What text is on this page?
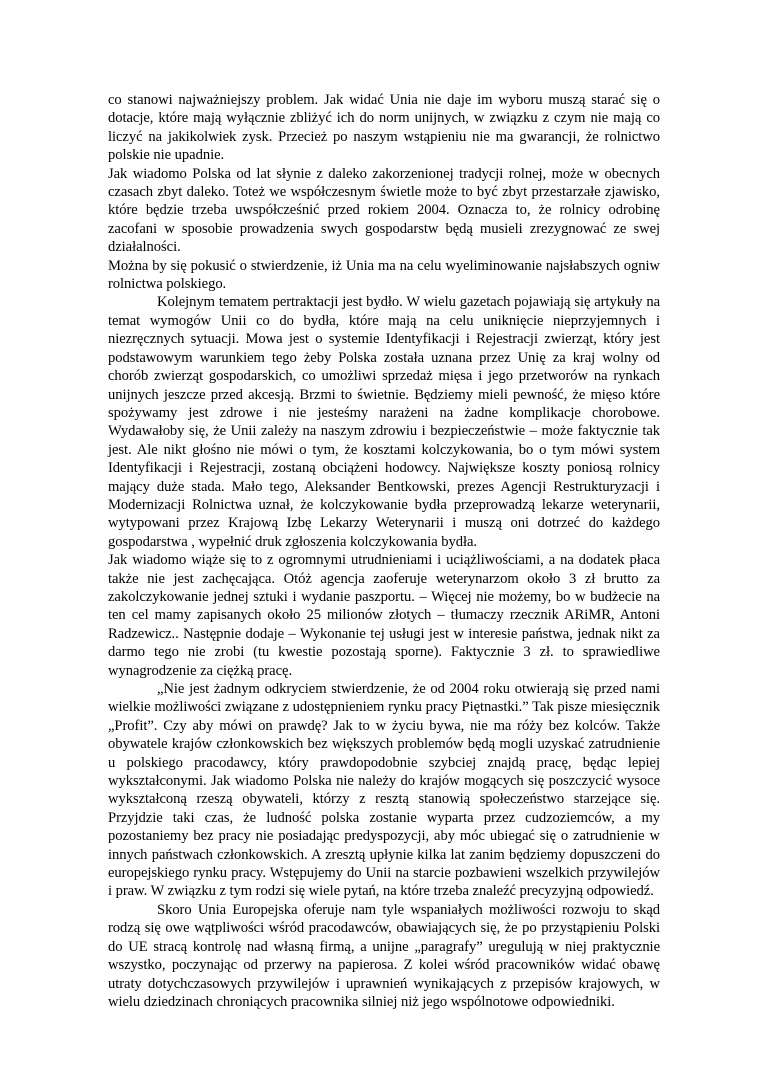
co stanowi najważniejszy problem. Jak widać Unia nie daje im wyboru muszą starać się o dotacje, które mają wyłącznie zbliżyć ich do norm unijnych, w związku z czym nie mają co liczyć na jakikolwiek zysk. Przecież po naszym wstąpieniu nie ma gwarancji, że rolnictwo polskie nie upadnie.

Jak wiadomo Polska od lat słynie z daleko zakorzenionej tradycji rolnej, może w obecnych czasach zbyt daleko. Toteż we współczesnym świetle może to być zbyt przestarzałe zjawisko, które będzie trzeba uwspółcześnić przed rokiem 2004. Oznacza to, że rolnicy odrobinę zacofani w sposobie prowadzenia swych gospodarstw będą musieli zrezygnować ze swej działalności.

Można by się pokusić o stwierdzenie, iż Unia ma na celu wyeliminowanie najsłabszych ogniw rolnictwa polskiego.

Kolejnym tematem pertraktacji jest bydło. W wielu gazetach pojawiają się artykuły na temat wymogów Unii co do bydła, które mają na celu uniknięcie nieprzyjemnych i niezręcznych sytuacji. Mowa jest o systemie Identyfikacji i Rejestracji zwierząt, który jest podstawowym warunkiem tego żeby Polska została uznana przez Unię za kraj wolny od chorób zwierząt gospodarskich, co umożliwi sprzedaż mięsa i jego przetworów na rynkach unijnych jeszcze przed akcesją. Brzmi to świetnie. Będziemy mieli pewność, że mięso które spożywamy jest zdrowe i nie jesteśmy narażeni na żadne komplikacje chorobowe. Wydawałoby się, że Unii zależy na naszym zdrowiu i bezpieczeństwie – może faktycznie tak jest. Ale nikt głośno nie mówi o tym, że kosztami kolczykowania, bo o tym mówi system Identyfikacji i Rejestracji, zostaną obciążeni hodowcy. Największe koszty poniosą rolnicy mający duże stada. Mało tego, Aleksander Bentkowski, prezes Agencji Restrukturyzacji i Modernizacji Rolnictwa uznał, że kolczykowanie bydła przeprowadzą lekarze weterynarii, wytypowani przez Krajową Izbę Lekarzy Weterynarii i muszą oni dotrzeć do każdego gospodarstwa , wypełnić druk zgłoszenia kolczykowania bydła.

Jak wiadomo wiąże się to z ogromnymi utrudnieniami i uciążliwościami, a na dodatek płaca także nie jest zachęcająca. Otóż agencja zaoferuje weterynarzom około 3 zł brutto za zakolczykowanie jednej sztuki i wydanie paszportu. – Więcej nie możemy, bo w budżecie na ten cel mamy zapisanych około 25 milionów złotych – tłumaczy rzecznik ARiMR, Antoni Radzewicz.. Następnie dodaje – Wykonanie tej usługi jest w interesie państwa, jednak nikt za darmo tego nie zrobi (tu kwestie pozostają sporne). Faktycznie 3 zł. to sprawiedliwe wynagrodzenie za ciężką pracę.

„Nie jest żadnym odkryciem stwierdzenie, że od 2004 roku otwierają się przed nami wielkie możliwości związane z udostępnieniem rynku pracy Piętnastki.” Tak pisze miesięcznik „Profit”. Czy aby mówi on prawdę? Jak to w życiu bywa, nie ma róży bez kolców. Także obywatele krajów członkowskich bez większych problemów będą mogli uzyskać zatrudnienie u polskiego pracodawcy, który prawdopodobnie szybciej znajdą pracę, będąc lepiej wykształconymi. Jak wiadomo Polska nie należy do krajów mogących się poszczycić wysoce wykształconą rzeszą obywateli, którzy z resztą stanowią społeczeństwo starzejące się. Przyjdzie taki czas, że ludność polska zostanie wyparta przez cudzoziemców, a my pozostaniemy bez pracy nie posiadając predyspozycji, aby móc ubiegać się o zatrudnienie w innych państwach członkowskich. A zresztą upłynie kilka lat zanim będziemy dopuszczeni do europejskiego rynku pracy. Wstępujemy do Unii na starcie pozbawieni wszelkich przywilejów i praw. W związku z tym rodzi się wiele pytań, na które trzeba znaleźć precyzyjną odpowiedź.

Skoro Unia Europejska oferuje nam tyle wspaniałych możliwości rozwoju to skąd rodzą się owe wątpliwości wśród pracodawców, obawiających się, że po przystąpieniu Polski do UE stracą kontrolę nad własną firmą, a unijne „paragrafy” uregulują w niej praktycznie wszystko, poczynając od przerwy na papierosa. Z kolei wśród pracowników widać obawę utraty dotychczasowych przywilejów i uprawnień wynikających z przepisów krajowych, w wielu dziedzinach chroniących pracownika silniej niż jego wspólnotowe odpowiedniki.
